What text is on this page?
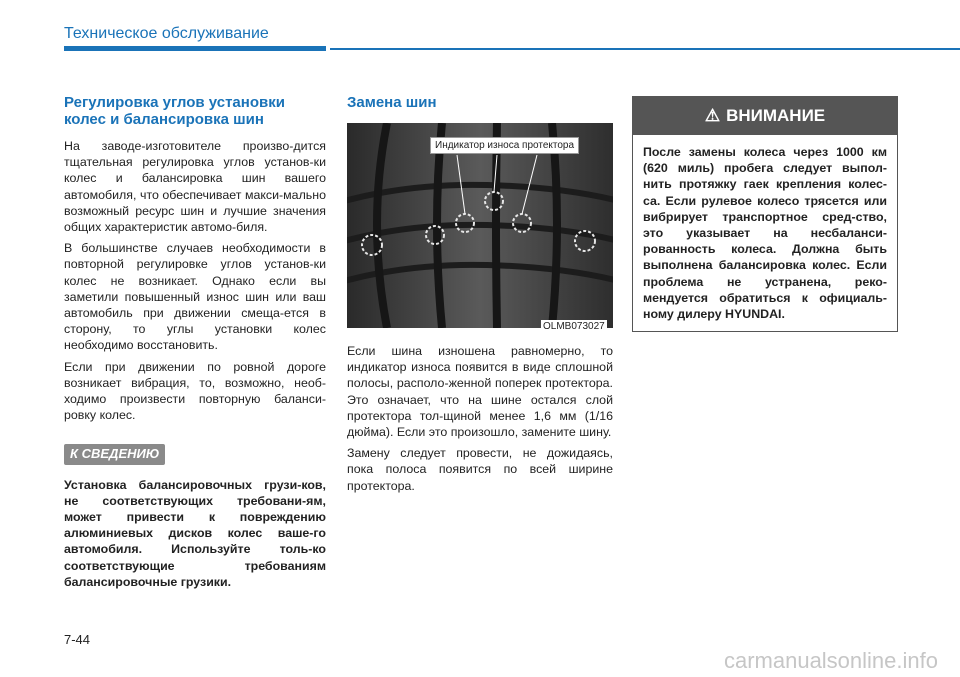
Техническое обслуживание
Регулировка углов установки колес и балансировка шин

На заводе-изготовителе произво-дится тщательная регулировка углов установ-ки колес и балансировка шин вашего автомобиля, что обеспечивает макси-мально возможный ресурс шин и лучшие значения общих характеристик автомо-биля.

В большинстве случаев необходимости в повторной регулировке углов установ-ки колес не возникает. Однако если вы заметили повышенный износ шин или ваш автомобиль при движении смеща-ется в сторону, то углы установки колес необходимо восстановить.

Если при движении по ровной дороге возникает вибрация, то, возможно, необ-ходимо произвести повторную баланси-ровку колес.

К СВЕДЕНИЮ

Установка балансировочных грузи-ков, не соответствующих требовани-ям, может привести к повреждению алюминиевых дисков колес ваше-го автомобиля. Используйте толь-ко соответствующие требованиям балансировочные грузики.

Замена шин
Индикатор износа протектора
OLMB073027

Если шина изношена равномерно, то индикатор износа появится в виде сплошной полосы, располо-женной поперек протектора. Это означает, что на шине остался слой протектора тол-щиной менее 1,6 мм (1/16 дюйма). Если это произошло, замените шину.

Замену следует провести, не дожидаясь, пока полоса появится по всей ширине протектора.

⚠ ВНИМАНИЕ
После замены колеса через 1000 км (620 миль) пробега следует выпол-нить протяжку гаек крепления колес-са. Если рулевое колесо трясется или вибрирует транспортное сред-ство, это указывает на несбаланси-рованность колеса. Должна быть выполнена балансировка колес. Если проблема не устранена, реко-мендуется обратиться к официаль-ному дилеру HYUNDAI.
7-44
carmanualsonline.info
